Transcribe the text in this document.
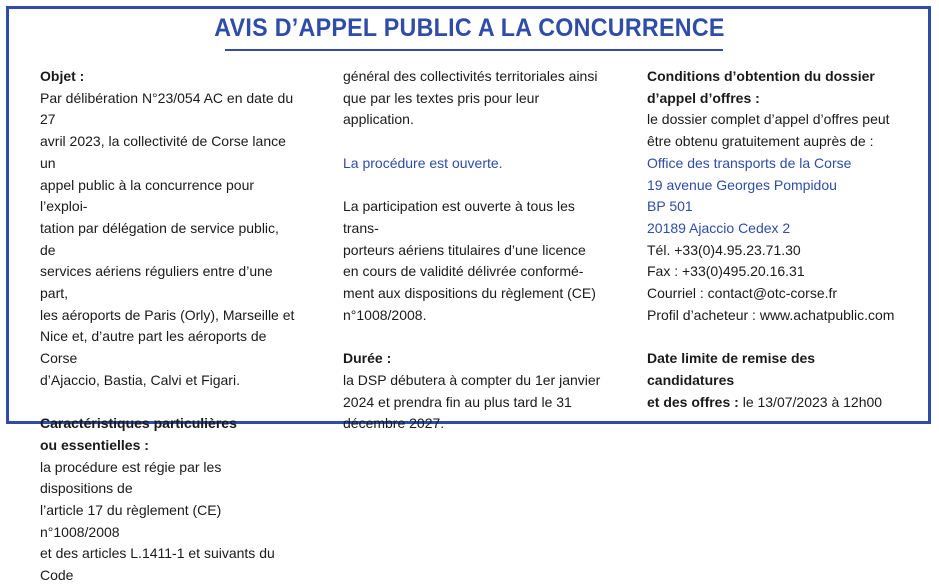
AVIS D’APPEL PUBLIC A LA CONCURRENCE

Objet :

Par délibération N°23/054 AC en date du 27

avril 2023, la collectivité de Corse lance un

appel public à la concurrence pour l’exploi-

tation par délégation de service public, de

services aériens réguliers entre d’une part,

les aéroports de Paris (Orly), Marseille et

Nice et, d’autre part les aéroports de Corse

d’Ajaccio, Bastia, Calvi et Figari.

Caractéristiques particulières

ou essentielles :

la procédure est régie par les dispositions de

l’article 17 du règlement (CE) n°1008/2008

et des articles L.1411-1 et suivants du Code

général des collectivités territoriales ainsi

que par les textes pris pour leur application.

La procédure est ouverte.

La participation est ouverte à tous les trans-

porteurs aériens titulaires d’une licence

en cours de validité délivrée conformé-

ment aux dispositions du règlement (CE)

n°1008/2008.

Durée :

la DSP débutera à compter du 1er janvier

2024 et prendra fin au plus tard le 31

décembre 2027.

Conditions d’obtention du dossier

d’appel d’offres :

le dossier complet d’appel d’offres peut

être obtenu gratuitement auprès de :

Office des transports de la Corse

19 avenue Georges Pompidou

BP 501

20189 Ajaccio Cedex 2

Tél. +33(0)4.95.23.71.30

Fax : +33(0)495.20.16.31

Courriel : contact@otc-corse.fr

Profil d’acheteur : www.achatpublic.com

Date limite de remise des candidatures

et des offres : le 13/07/2023 à 12h00
